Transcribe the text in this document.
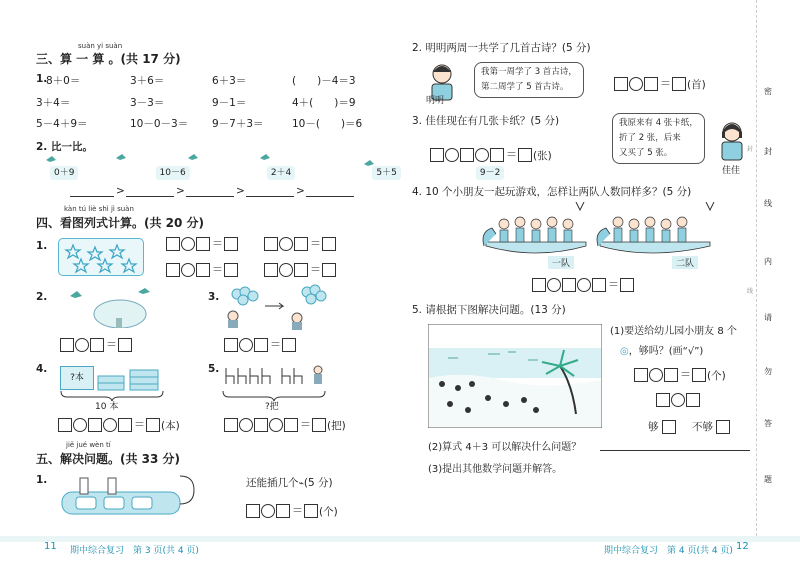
suàn yi suàn
三、算 一 算 。(共 17 分)
1.
8＋0＝	3＋6＝	6＋3＝	(　　)－4＝3
3＋4＝	3－3＝	9－1＝	4＋(　　)＝9
5－4＋9＝	10－0－3＝ 9－7＋3＝	10－(　　)＝6
2. 比一比。
0＋9	10－6	2＋4	5＋5	9－2
>	>	>	>
kàn tú liè shì jì suàn
四、看图列式计算。(共 20 分)
1.	＝	＝
＝	＝
2.
＝
3.
＝
4.
?本
10 本
＝ (本)
5.
?把
＝ (把)
jiě jué wèn tí
五、解决问题。(共 33 分)
1.	还能插几个⌁(5 分)
＝ (个)
11 期中综合复习　第 3 页(共 4 页)
2. 明明两周一共学了几首古诗？(5 分)
明明
我第一周学了 3 首古诗，
第二周学了 5 首古诗。	＝ (首)
3. 佳佳现在有几张卡纸？(5 分)	我原来有 4 张卡纸，
折了 2 张，后来
又买了 5 张。
佳佳
＝ (张)
4. 10 个小朋友一起玩游戏，怎样让两队人数同样多？(5 分)
一队	二队
＝
5. 请根据下图解决问题。(13 分)
(1)要送给幼儿园小朋友 8 个
◎，够吗？(画“√”)
＝ (个)
够	不够
(2)算式 4＋3 可以解决什么问题？
(3)提出其他数学问题并解答。
期中综合复习　第 4 页(共 4 页) 12
密
封
线
内
请
勿
答
题
封
线
